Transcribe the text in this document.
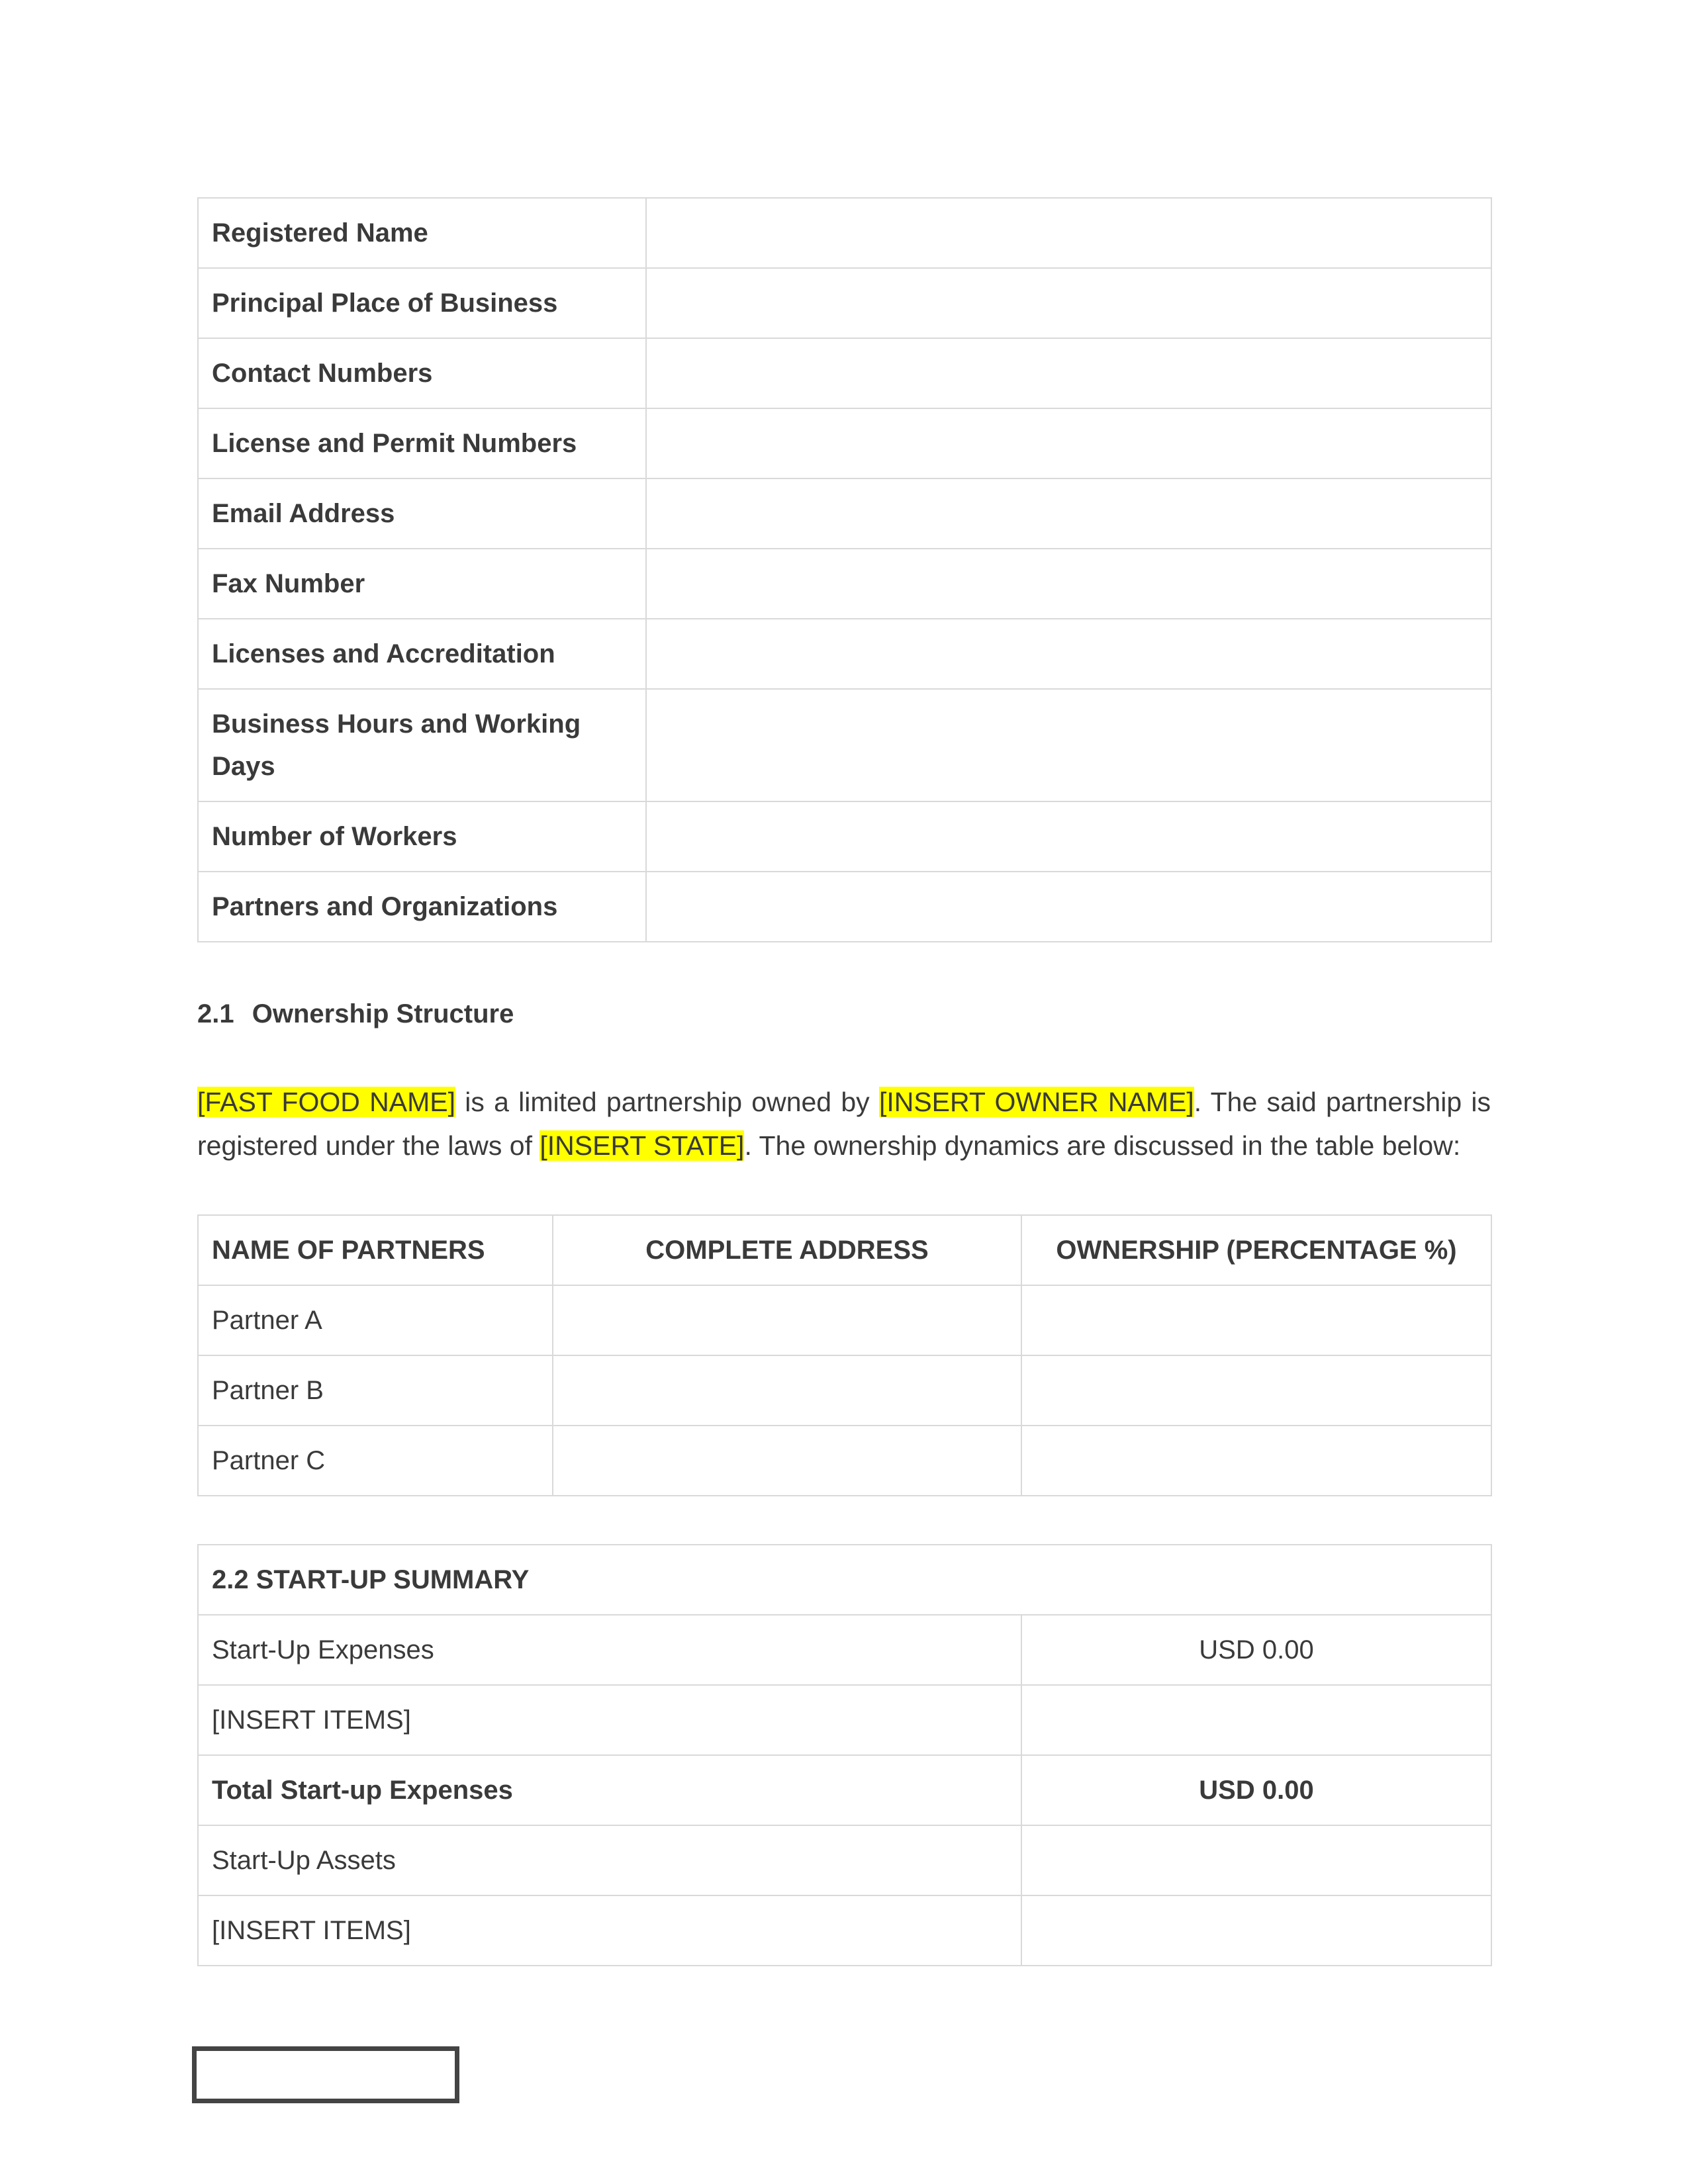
Registered Name	
Principal Place of Business	
Contact Numbers	
License and Permit Numbers	
Email Address	
Fax Number	
Licenses and Accreditation	
Business Hours and Working Days	
Number of Workers	
Partners and Organizations	
2.1 Ownership Structure

[FAST FOOD NAME] is a limited partnership owned by [INSERT OWNER NAME]. The said partnership is registered under the laws of [INSERT STATE]. The ownership dynamics are discussed in the table below:

NAME OF PARTNERS	COMPLETE ADDRESS	OWNERSHIP (PERCENTAGE %)
Partner A		
Partner B		
Partner C		
2.2 START-UP SUMMARY	
Start-Up Expenses	USD 0.00
[INSERT ITEMS]	
Total Start-up Expenses	USD 0.00
Start-Up Assets	
[INSERT ITEMS]	
